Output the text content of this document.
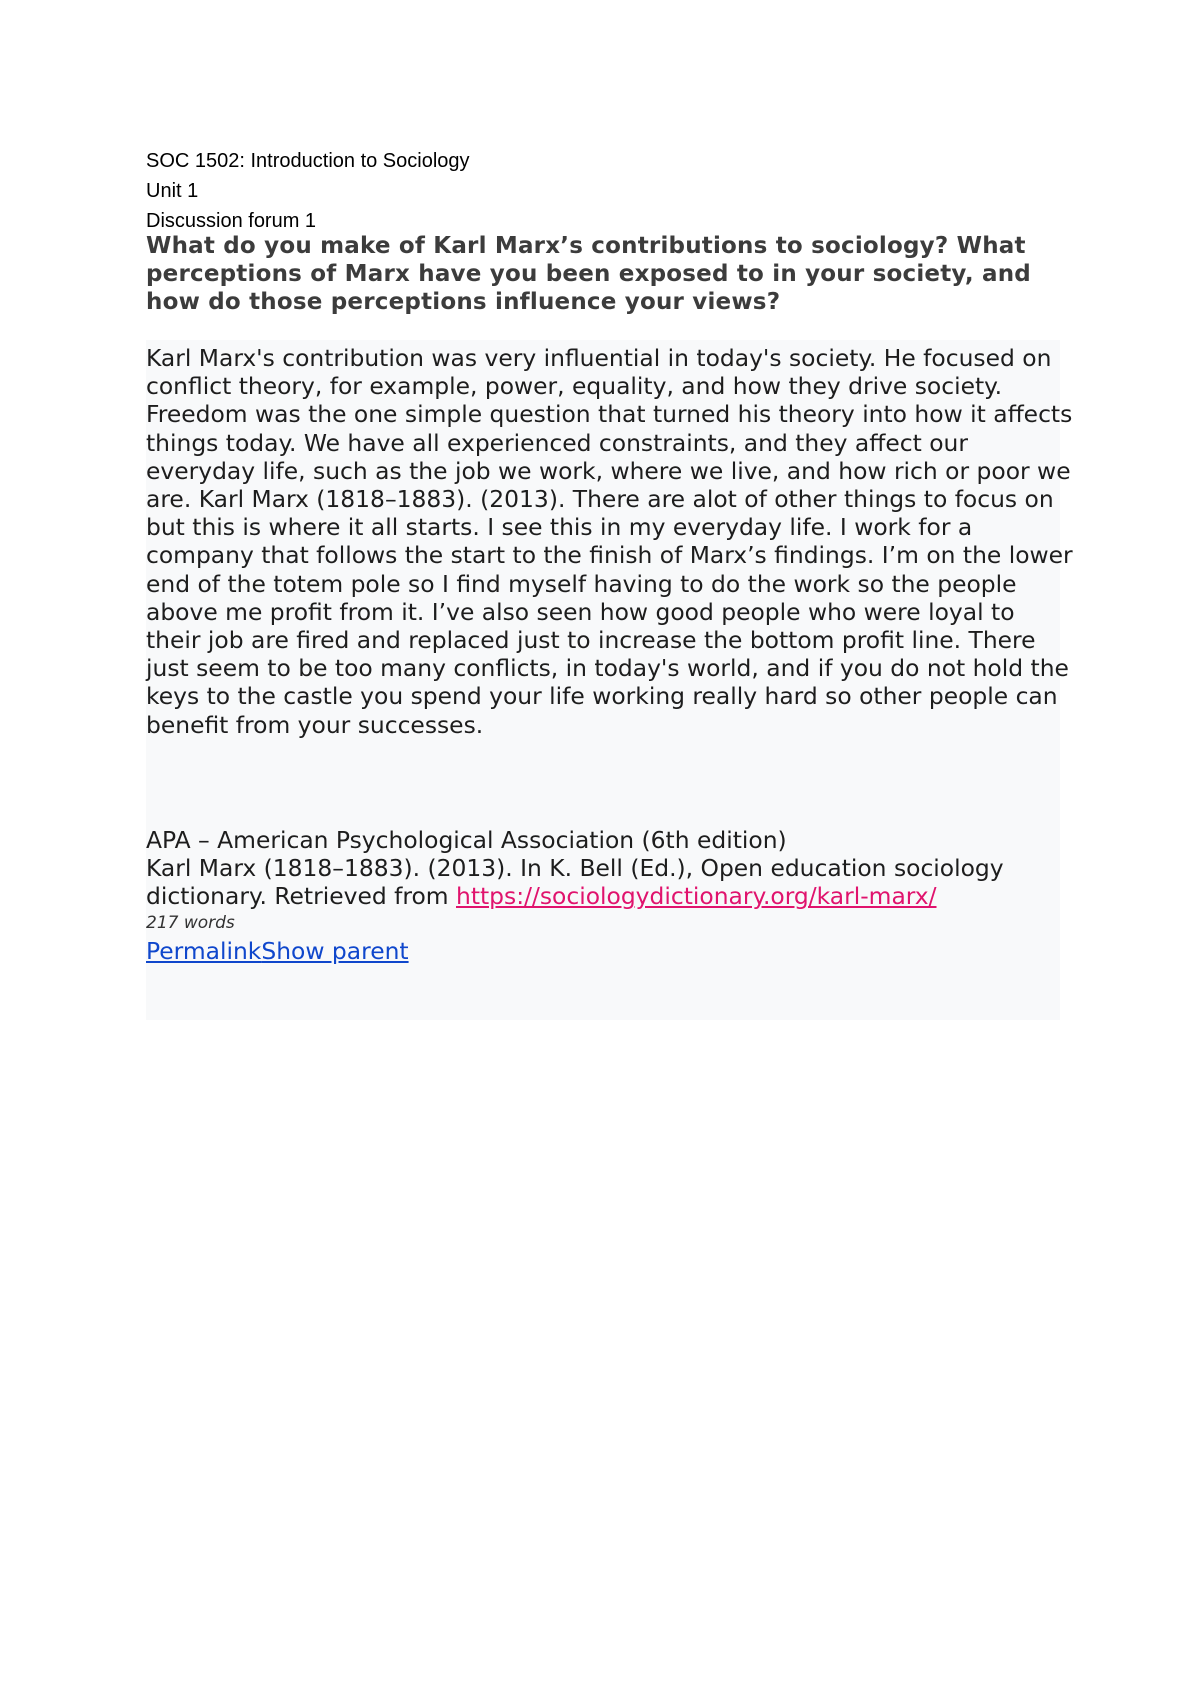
SOC 1502: Introduction to Sociology
Unit 1
Discussion forum 1
What do you make of Karl Marx’s contributions to sociology? What perceptions of Marx have you been exposed to in your society, and how do those perceptions influence your views?

Karl Marx's contribution was very influential in today's society. He focused on conflict theory, for example, power, equality, and how they drive society. Freedom was the one simple question that turned his theory into how it affects things today. We have all experienced constraints, and they affect our everyday life, such as the job we work, where we live, and how rich or poor we are. Karl Marx (1818–1883). (2013). There are alot of other things to focus on but this is where it all starts. I see this in my everyday life. I work for a company that follows the start to the finish of Marx’s findings. I’m on the lower end of the totem pole so I find myself having to do the work so the people above me profit from it. I’ve also seen how good people who were loyal to their job are fired and replaced just to increase the bottom profit line. There just seem to be too many conflicts, in today's world, and if you do not hold the keys to the castle you spend your life working really hard so other people can benefit from your successes.

APA – American Psychological Association (6th edition)
Karl Marx (1818–1883). (2013). In K. Bell (Ed.), Open education sociology dictionary. Retrieved from https://sociologydictionary.org/karl-marx/
217 words
PermalinkShow parent
